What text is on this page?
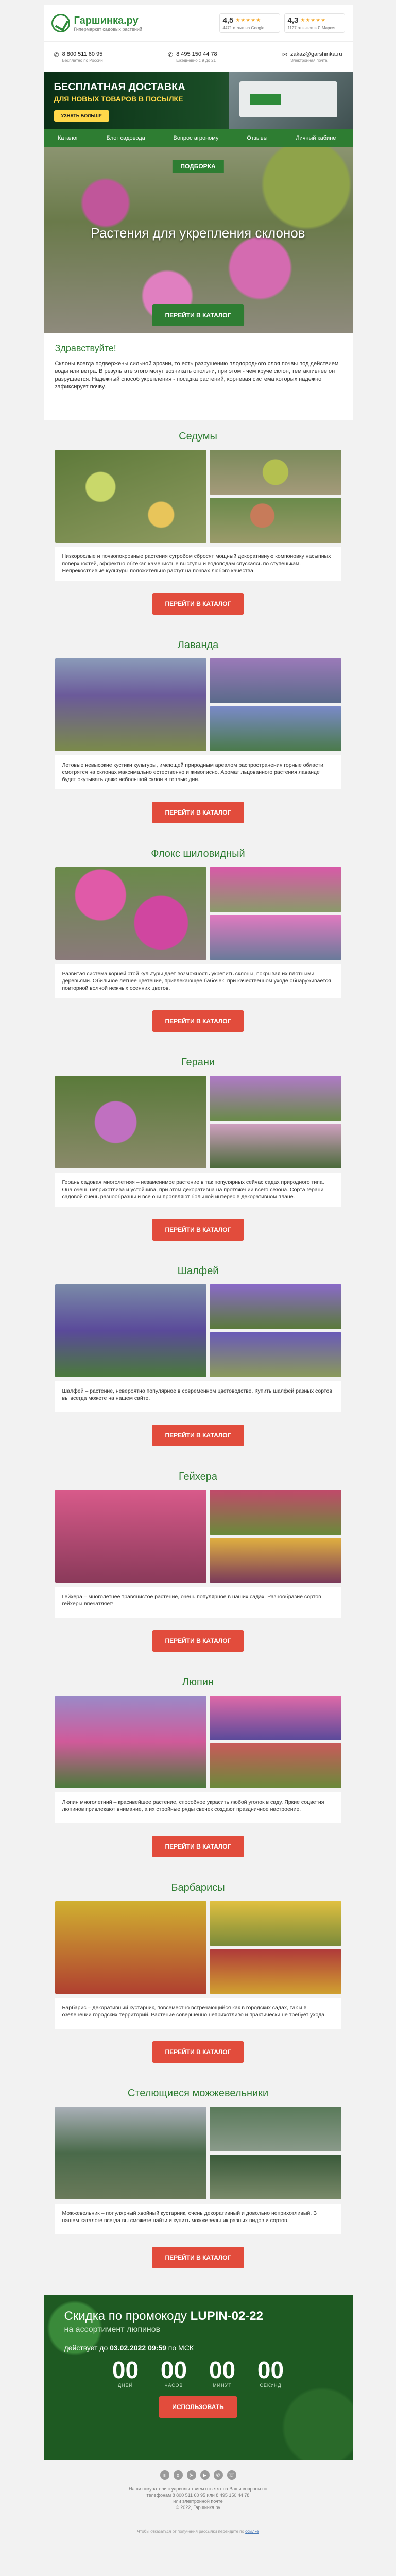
Гаршинка.ру
Гипермаркет садовых растений
4,5 ★★★★★
4471 отзыв на Google
4,3 ★★★★★
1127 отзывов в Я.Маркет
✆ 8 800 511 60 95
Бесплатно по России
✆ 8 495 150 44 78
Ежедневно с 9 до 21
✉ zakaz@garshinka.ru
Электронная почта
БЕСПЛАТНАЯ ДОСТАВКА
ДЛЯ НОВЫХ ТОВАРОВ В ПОСЫЛКЕ
УЗНАТЬ БОЛЬШЕ
Каталог	Блог садовода	Вопрос агроному	Отзывы	Личный кабинет
ПОДБОРКА
Растения для укрепления склонов
ПЕРЕЙТИ В КАТАЛОГ
Здравствуйте!

Склоны всегда подвержены сильной эрозии, то есть разрушению плодородного слоя почвы под действием воды или ветра. В результате этого могут возникать оползни, при этом - чем круче склон, тем активнее он разрушается. Надежный способ укрепления - посадка растений, корневая система которых надежно зафиксирует почву.

Седумы
Низкорослые и почвопокровные растения сугробом сбросят мощный декоративную компоновку насыпных поверхностей, эффектно обтекая каменистые выступы и водоподам спускаясь по ступенькам. Непрекостливые культуры положительно растут на почвах любого качества.
ПЕРЕЙТИ В КАТАЛОГ
Лаванда
Летовые невысокие кустики культуры, имеющей природным ареалом распространения горные области, смотрятся на склонах максимально естественно и живописно. Аромат льцованного растения лаванде будет окутывать даже небольшой склон в теплые дни.
ПЕРЕЙТИ В КАТАЛОГ
Флокс шиловидный
Развитая система корней этой культуры дает возможность укрепить склоны, покрывая их плотными деревьями. Обильное летнее цветение, привлекающее бабочек, при качественном уходе обнаруживается повторной волной нежных осенних цветов.
ПЕРЕЙТИ В КАТАЛОГ
Герани
Герань садовая многолетняя – незаменимое растение в так популярных сейчас садах природного типа. Она очень неприхотлива и устойчива, при этом декоративна на протяжении всего сезона. Сорта герани садовой очень разнообразны и все они проявляют большой интерес в декоративном плане.
ПЕРЕЙТИ В КАТАЛОГ
Шалфей
Шалфей – растение, невероятно популярное в современном цветоводстве. Купить шалфей разных сортов вы всегда можете на нашем сайте.
ПЕРЕЙТИ В КАТАЛОГ
Гейхера
Гейхера – многолетнее травянистое растение, очень популярное в наших садах. Разнообразие сортов гейхеры впечатляет!
ПЕРЕЙТИ В КАТАЛОГ
Люпин
Люпин многолетний – красивейшее растение, способное украсить любой уголок в саду. Яркие соцветия люпинов привлекают внимание, а их стройные ряды свечек создают праздничное настроение.
ПЕРЕЙТИ В КАТАЛОГ
Барбарисы
Барбарис – декоративный кустарник, повсеместно встречающийся как в городских садах, так и в озеленении городских территорий. Растение совершенно неприхотливо и практически не требует ухода.
ПЕРЕЙТИ В КАТАЛОГ
Стелющиеся можжевельники
Можжевельник – популярный хвойный кустарник, очень декоративный и довольно неприхотливый. В нашем каталоге всегда вы сможете найти и купить можжевельник разных видов и сортов.
ПЕРЕЙТИ В КАТАЛОГ
Скидка по промокоду LUPIN-02-22
на ассортимент люпинов
действует до 03.02.2022 09:59 по МСК
00
ДНЕЙ
00
ЧАСОВ
00
МИНУТ
00
СЕКУНД
ИСПОЛЬЗОВАТЬ
в	о	➤	▶	✆	☏
Наши покупатели с удовольствием ответят на Ваши вопросы по
телефонам 8 800 511 60 95 или 8 495 150 44 78
или электронной почте
© 2022, Гаршинка.ру
Чтобы отказаться от получения рассылки перейдите по ссылке
